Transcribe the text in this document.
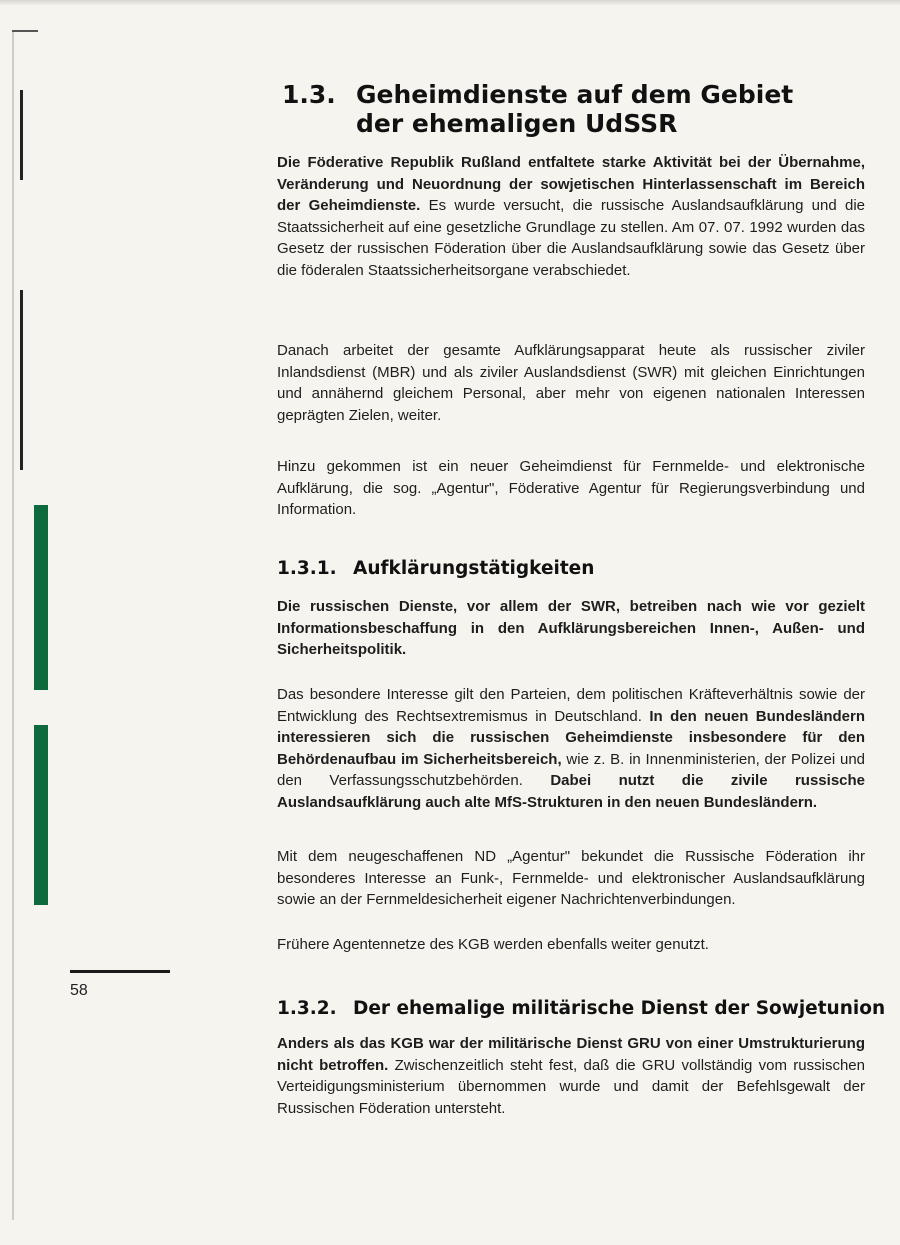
1.3. Geheimdienste auf dem Gebiet
der ehemaligen UdSSR

Die Föderative Republik Rußland entfaltete starke Aktivität bei der Übernahme, Veränderung und Neuordnung der sowjetischen Hinterlassenschaft im Bereich der Geheimdienste. Es wurde versucht, die russische Auslandsaufklärung und die Staatssicherheit auf eine gesetzliche Grundlage zu stellen. Am 07. 07. 1992 wurden das Gesetz der russischen Föderation über die Auslandsaufklärung sowie das Gesetz über die föderalen Staatssicherheitsorgane verabschiedet.

Danach arbeitet der gesamte Aufklärungsapparat heute als russischer ziviler Inlandsdienst (MBR) und als ziviler Auslandsdienst (SWR) mit gleichen Einrichtungen und annähernd gleichem Personal, aber mehr von eigenen nationalen Interessen geprägten Zielen, weiter.

Hinzu gekommen ist ein neuer Geheimdienst für Fernmelde- und elektronische Aufklärung, die sog. „Agentur", Föderative Agentur für Regierungsverbindung und Information.

1.3.1. Aufklärungstätigkeiten

Die russischen Dienste, vor allem der SWR, betreiben nach wie vor gezielt Informationsbeschaffung in den Aufklärungsbereichen Innen-, Außen- und Sicherheitspolitik.

Das besondere Interesse gilt den Parteien, dem politischen Kräfteverhältnis sowie der Entwicklung des Rechtsextremismus in Deutschland. In den neuen Bundesländern interessieren sich die russischen Geheimdienste insbesondere für den Behördenaufbau im Sicherheitsbereich, wie z. B. in Innenministerien, der Polizei und den Verfassungsschutzbehörden. Dabei nutzt die zivile russische Auslandsaufklärung auch alte MfS-Strukturen in den neuen Bundesländern.

Mit dem neugeschaffenen ND „Agentur" bekundet die Russische Föderation ihr besonderes Interesse an Funk-, Fernmelde- und elektronischer Auslandsaufklärung sowie an der Fernmeldesicherheit eigener Nachrichtenverbindungen.

Frühere Agentennetze des KGB werden ebenfalls weiter genutzt.

1.3.2. Der ehemalige militärische Dienst der Sowjetunion

Anders als das KGB war der militärische Dienst GRU von einer Umstrukturierung nicht betroffen. Zwischenzeitlich steht fest, daß die GRU vollständig vom russischen Verteidigungsministerium übernommen wurde und damit der Befehlsgewalt der Russischen Föderation untersteht.

58
